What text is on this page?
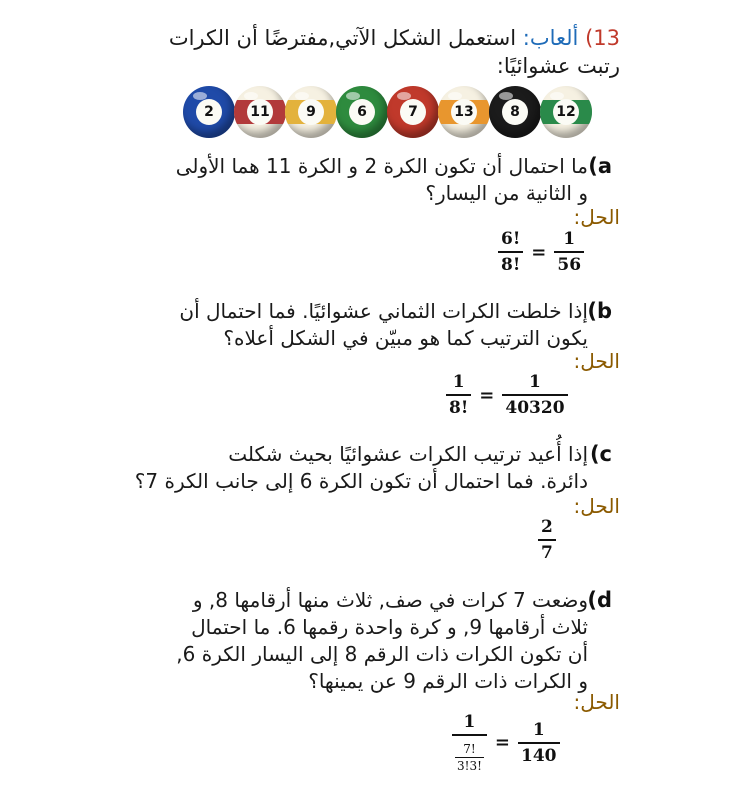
13) ألعاب: استعمل الشكل الآتي,مفترضًا أن الكرات
رتبت عشوائيًا:
2	11	9	6	7	13	8	12
a)
ما احتمال أن تكون الكرة 2 و الكرة 11 هما الأولى
و الثانية من اليسار؟
الحل:
$\frac{6!}{8!} = \frac{1}{56}$
b)
إذا خلطت الكرات الثماني عشوائيًا. فما احتمال أن
يكون الترتيب كما هو مبيّن في الشكل أعلاه؟
الحل:
$\frac{1}{8!} = \frac{1}{40320}$
c)
إذا أُعيد ترتيب الكرات عشوائيًا بحيث شكلت
دائرة. فما احتمال أن تكون الكرة 6 إلى جانب الكرة 7؟
الحل:
$\frac{2}{7}$
d)
وضعت 7 كرات في صف, ثلاث منها أرقامها 8, و
ثلاث أرقامها 9, و كرة واحدة رقمها 6. ما احتمال
أن تكون الكرات ذات الرقم 8 إلى اليسار الكرة 6,
و الكرات ذات الرقم 9 عن يمينها؟
الحل:
$\frac{1}{\frac{7!}{3!3!}} = \frac{1}{140}$
